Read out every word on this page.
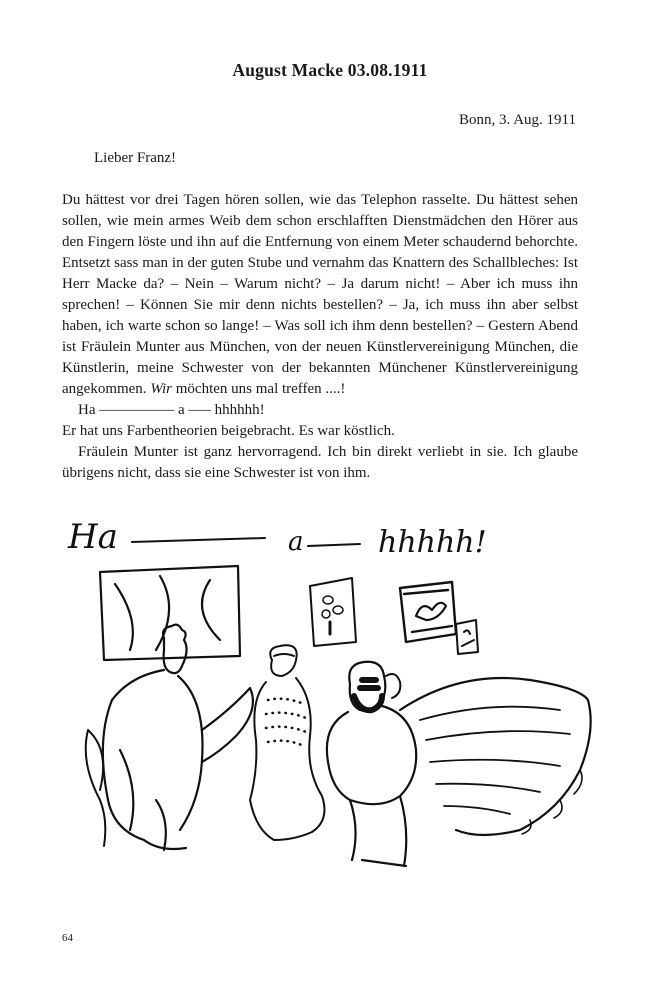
August Macke 03.08.1911
Bonn, 3. Aug. 1911
Lieber Franz!

Du hättest vor drei Tagen hören sollen, wie das Telephon rasselte. Du hättest sehen sollen, wie mein armes Weib dem schon erschlafften Dienstmädchen den Hörer aus den Fingern löste und ihn auf die Entfernung von einem Meter schaudernd behorchte. Entsetzt sass man in der guten Stube und vernahm das Knattern des Schallbleches: Ist Herr Macke da? – Nein – Warum nicht? – Ja darum nicht! – Aber ich muss ihn sprechen! – Können Sie mir denn nichts bestellen? – Ja, ich muss ihn aber selbst haben, ich warte schon so lange! – Was soll ich ihm denn bestellen? – Gestern Abend ist Fräulein Munter aus München, von der neuen Künstlervereinigung München, die Künstlerin, meine Schwester von der bekannten Münchener Künstlervereinigung angekommen. Wir möchten uns mal treffen ....!

Ha –––––––––– a ––– hhhhhh!

Er hat uns Farbentheorien beigebracht. Es war köstlich.

Fräulein Munter ist ganz hervorragend. Ich bin direkt verliebt in sie. Ich glaube übrigens nicht, dass sie eine Schwester ist von ihm.

Ha	a hhhhh!
64
